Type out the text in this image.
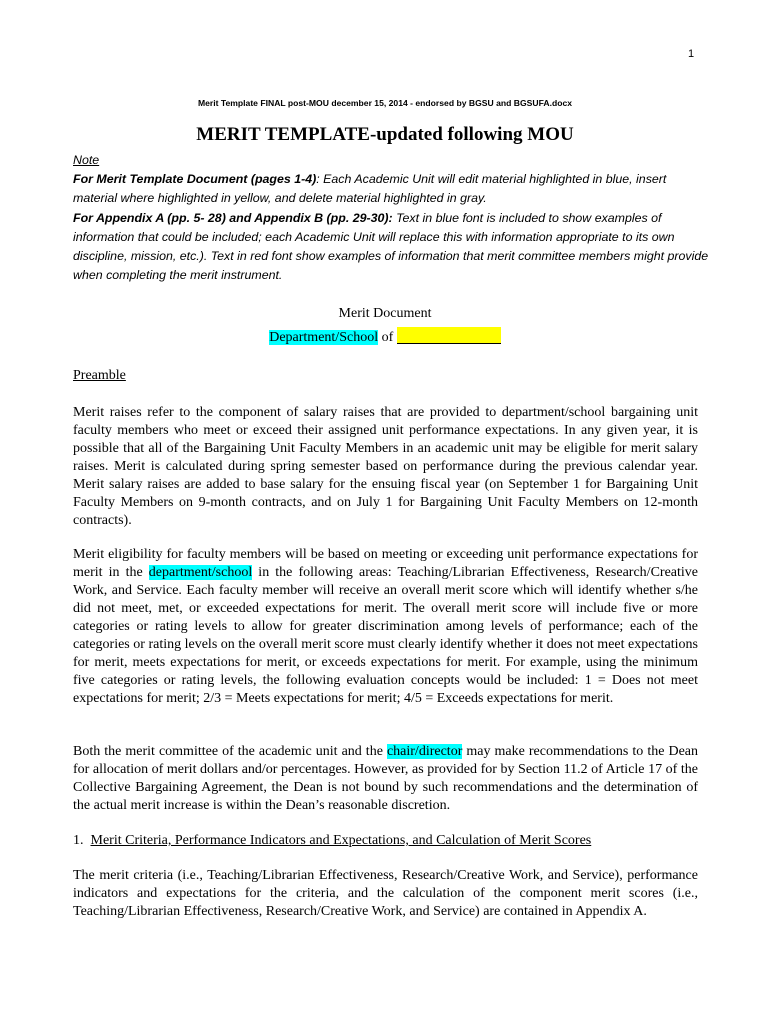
1
Merit Template FINAL post-MOU december 15, 2014 - endorsed by BGSU and BGSUFA.docx
MERIT TEMPLATE-updated following MOU
Note
For Merit Template Document (pages 1-4): Each Academic Unit will edit material highlighted in blue, insert material where highlighted in yellow, and delete material highlighted in gray.
For Appendix A (pp. 5- 28) and Appendix B (pp. 29-30): Text in blue font is included to show examples of information that could be included; each Academic Unit will replace this with information appropriate to its own discipline, mission, etc.). Text in red font show examples of information that merit committee members might provide when completing the merit instrument.
Merit Document
Department/School of
Preamble
Merit raises refer to the component of salary raises that are provided to department/school bargaining unit faculty members who meet or exceed their assigned unit performance expectations. In any given year, it is possible that all of the Bargaining Unit Faculty Members in an academic unit may be eligible for merit salary raises. Merit is calculated during spring semester based on performance during the previous calendar year. Merit salary raises are added to base salary for the ensuing fiscal year (on September 1 for Bargaining Unit Faculty Members on 9-month contracts, and on July 1 for Bargaining Unit Faculty Members on 12-month contracts).
Merit eligibility for faculty members will be based on meeting or exceeding unit performance expectations for merit in the department/school in the following areas: Teaching/Librarian Effectiveness, Research/Creative Work, and Service. Each faculty member will receive an overall merit score which will identify whether s/he did not meet, met, or exceeded expectations for merit. The overall merit score will include five or more categories or rating levels to allow for greater discrimination among levels of performance; each of the categories or rating levels on the overall merit score must clearly identify whether it does not meet expectations for merit, meets expectations for merit, or exceeds expectations for merit. For example, using the minimum five categories or rating levels, the following evaluation concepts would be included: 1 = Does not meet expectations for merit; 2/3 = Meets expectations for merit; 4/5 = Exceeds expectations for merit.
Both the merit committee of the academic unit and the chair/director may make recommendations to the Dean for allocation of merit dollars and/or percentages. However, as provided for by Section 11.2 of Article 17 of the Collective Bargaining Agreement, the Dean is not bound by such recommendations and the determination of the actual merit increase is within the Dean’s reasonable discretion.
1. Merit Criteria, Performance Indicators and Expectations, and Calculation of Merit Scores
The merit criteria (i.e., Teaching/Librarian Effectiveness, Research/Creative Work, and Service), performance indicators and expectations for the criteria, and the calculation of the component merit scores (i.e., Teaching/Librarian Effectiveness, Research/Creative Work, and Service) are contained in Appendix A.
